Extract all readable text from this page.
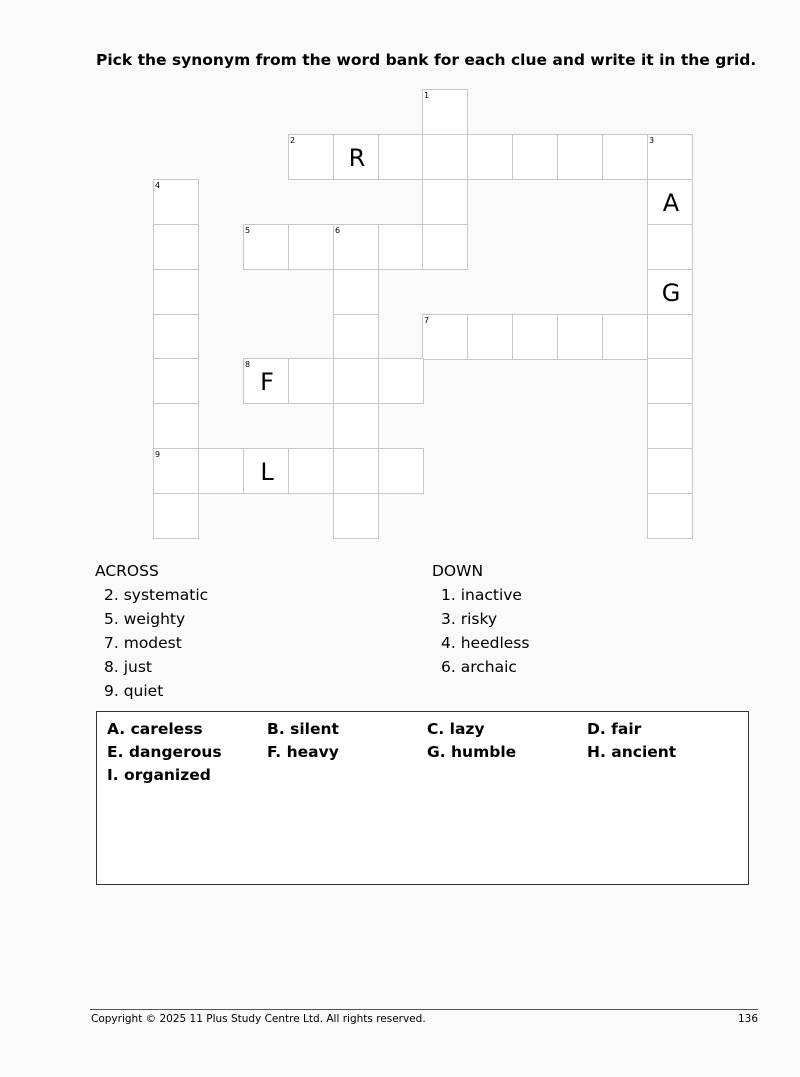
Pick the synonym from the word bank for each clue and write it in the grid.
1
2
R
3
4
A
5	6
G
7
8
F
9
L
ACROSS
2. systematic
5. weighty
7. modest
8. just
9. quiet
DOWN
1. inactive
3. risky
4. heedless
6. archaic
A. careless	B. silent	C. lazy	D. fair
E. dangerous	F. heavy	G. humble	H. ancient
I. organized
Copyright © 2025 11 Plus Study Centre Ltd. All rights reserved.	136
